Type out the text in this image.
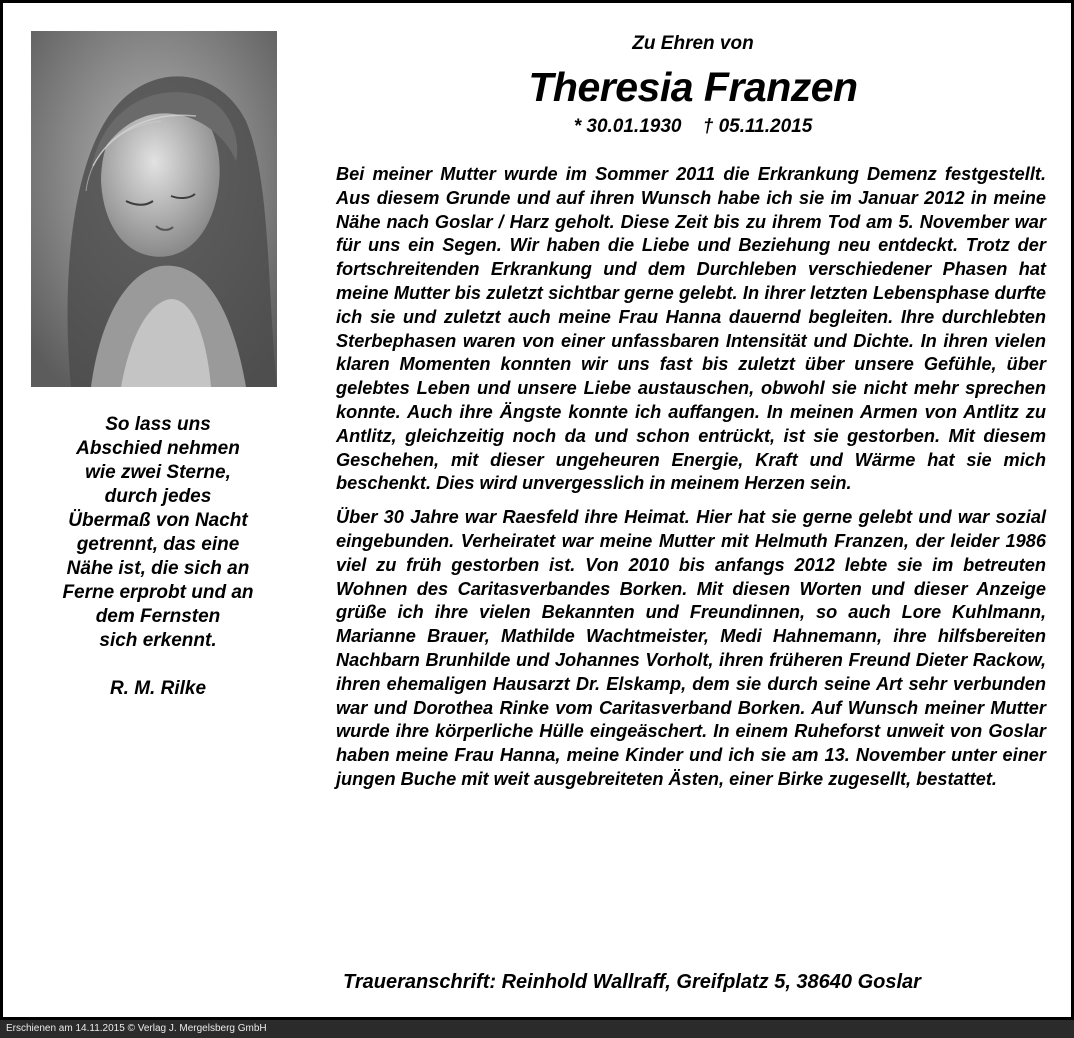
So lass uns
Abschied nehmen
wie zwei Sterne,
durch jedes
Übermaß von Nacht
getrennt, das eine
Nähe ist, die sich an
Ferne erprobt und an
dem Fernsten
sich erkennt.
R. M. Rilke
Zu Ehren von
Theresia Franzen
* 30.01.1930 † 05.11.2015

Bei meiner Mutter wurde im Sommer 2011 die Erkrankung Demenz festgestellt. Aus diesem Grunde und auf ihren Wunsch habe ich sie im Januar 2012 in meine Nähe nach Goslar / Harz geholt. Diese Zeit bis zu ihrem Tod am 5. November war für uns ein Segen. Wir haben die Liebe und Beziehung neu entdeckt. Trotz der fortschreitenden Erkrankung und dem Durchleben verschiedener Phasen hat meine Mutter bis zuletzt sichtbar gerne gelebt. In ihrer letzten Lebensphase durfte ich sie und zuletzt auch meine Frau Hanna dauernd begleiten. Ihre durchlebten Sterbephasen waren von einer unfassbaren Intensität und Dichte. In ihren vielen klaren Momenten konnten wir uns fast bis zuletzt über unsere Gefühle, über gelebtes Leben und unsere Liebe austauschen, obwohl sie nicht mehr sprechen konnte. Auch ihre Ängste konnte ich auffangen. In meinen Armen von Antlitz zu Antlitz, gleichzeitig noch da und schon entrückt, ist sie gestorben. Mit diesem Geschehen, mit dieser ungeheuren Energie, Kraft und Wärme hat sie mich beschenkt. Dies wird unvergesslich in meinem Herzen sein.

Über 30 Jahre war Raesfeld ihre Heimat. Hier hat sie gerne gelebt und war sozial eingebunden. Verheiratet war meine Mutter mit Helmuth Franzen, der leider 1986 viel zu früh gestorben ist. Von 2010 bis anfangs 2012 lebte sie im betreuten Wohnen des Caritasverbandes Borken. Mit diesen Worten und dieser Anzeige grüße ich ihre vielen Bekannten und Freundinnen, so auch Lore Kuhlmann, Marianne Brauer, Mathilde Wachtmeister, Medi Hahnemann, ihre hilfsbereiten Nachbarn Brunhilde und Johannes Vorholt, ihren früheren Freund Dieter Rackow, ihren ehemaligen Hausarzt Dr. Elskamp, dem sie durch seine Art sehr verbunden war und Dorothea Rinke vom Caritasverband Borken. Auf Wunsch meiner Mutter wurde ihre körperliche Hülle eingeäschert. In einem Ruheforst unweit von Goslar haben meine Frau Hanna, meine Kinder und ich sie am 13. November unter einer jungen Buche mit weit ausgebreiteten Ästen, einer Birke zugesellt, bestattet.

Traueranschrift: Reinhold Wallraff, Greifplatz 5, 38640 Goslar
Erschienen am 14.11.2015 © Verlag J. Mergelsberg GmbH
